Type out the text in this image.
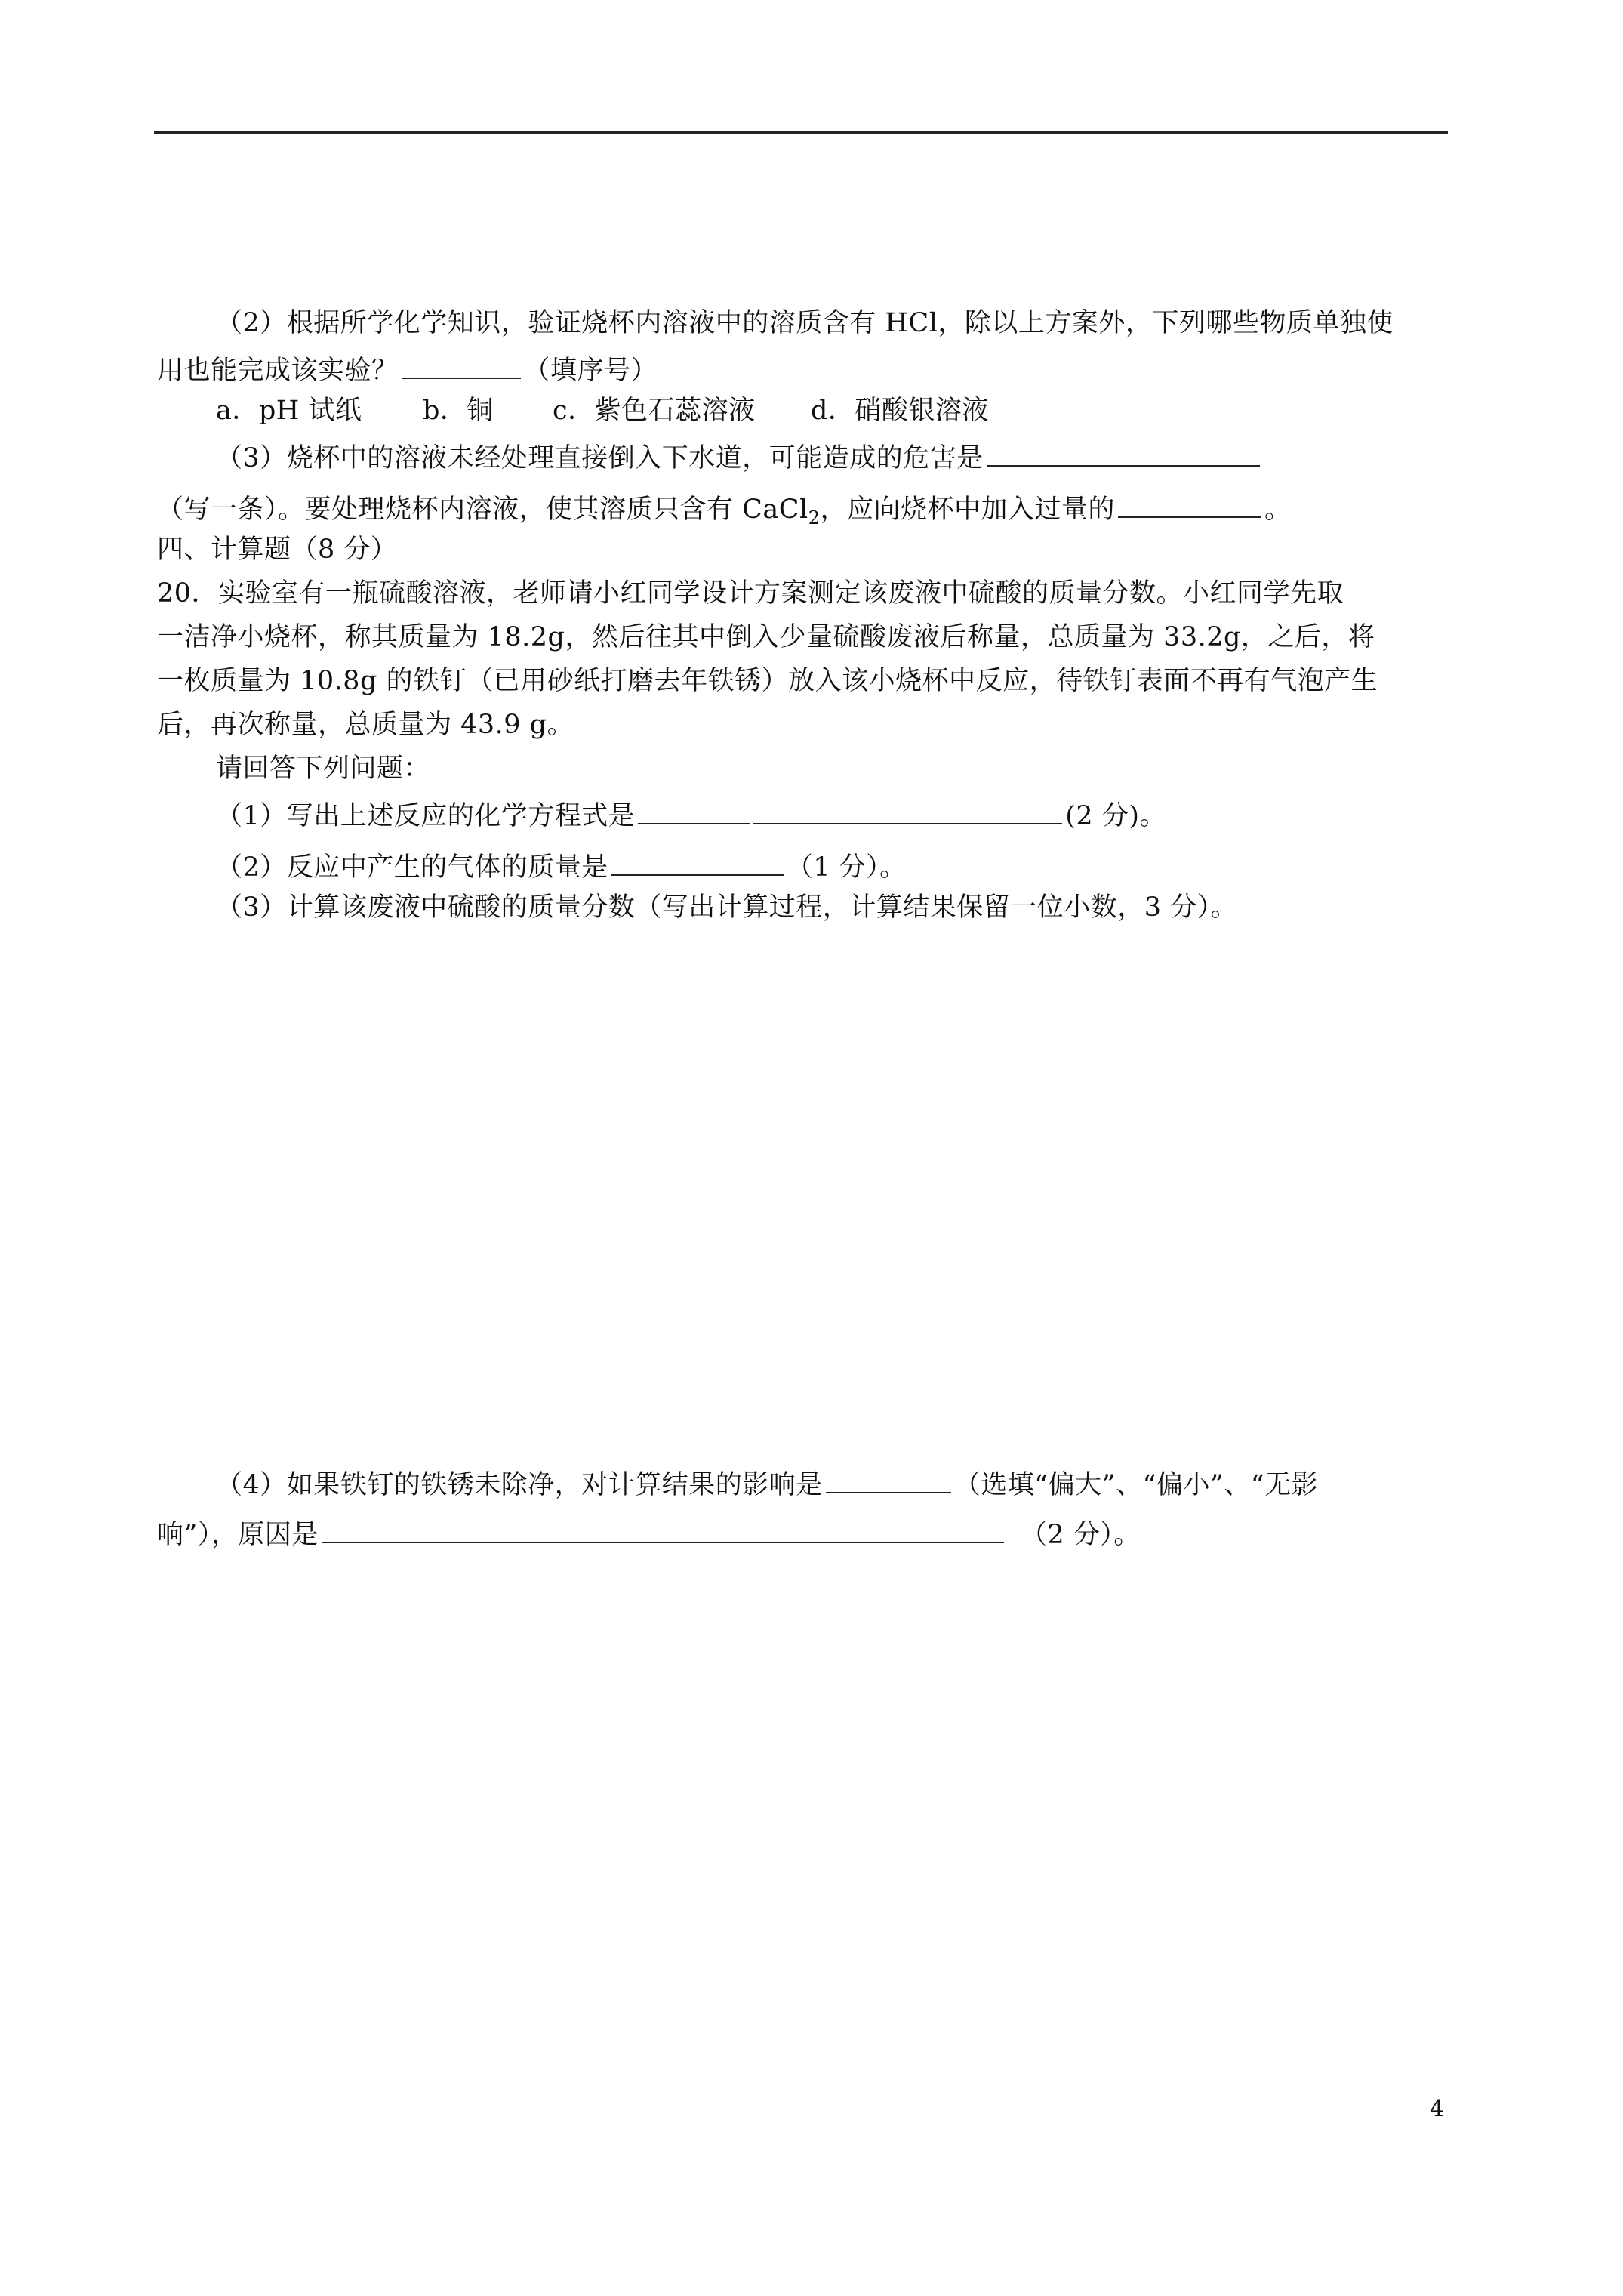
（2）根据所学化学知识，验证烧杯内溶液中的溶质含有 HCl，除以上方案外，下列哪些物质单独使
用也能完成该实验？	（填序号）
a．pH 试纸 b．铜 c．紫色石蕊溶液 d．硝酸银溶液
（3）烧杯中的溶液未经处理直接倒入下水道，可能造成的危害是
（写一条）。要处理烧杯内溶液，使其溶质只含有 CaCl$_2$，应向烧杯中加入过量的	。
四、计算题（8 分）
20．实验室有一瓶硫酸溶液，老师请小红同学设计方案测定该废液中硫酸的质量分数。小红同学先取
一洁净小烧杯，称其质量为 18.2g，然后往其中倒入少量硫酸废液后称量，总质量为 33.2g，之后，将
一枚质量为 10.8g 的铁钉（已用砂纸打磨去年铁锈）放入该小烧杯中反应，待铁钉表面不再有气泡产生
后，再次称量，总质量为 43.9 g。
请回答下列问题：
（1）写出上述反应的化学方程式是	(2 分)。
（2）反应中产生的气体的质量是	（1 分）。
（3）计算该废液中硫酸的质量分数（写出计算过程，计算结果保留一位小数，3 分）。
（4）如果铁钉的铁锈未除净，对计算结果的影响是	（选填“偏大”、“偏小”、“无影
响”），原因是	（2 分）。
4
